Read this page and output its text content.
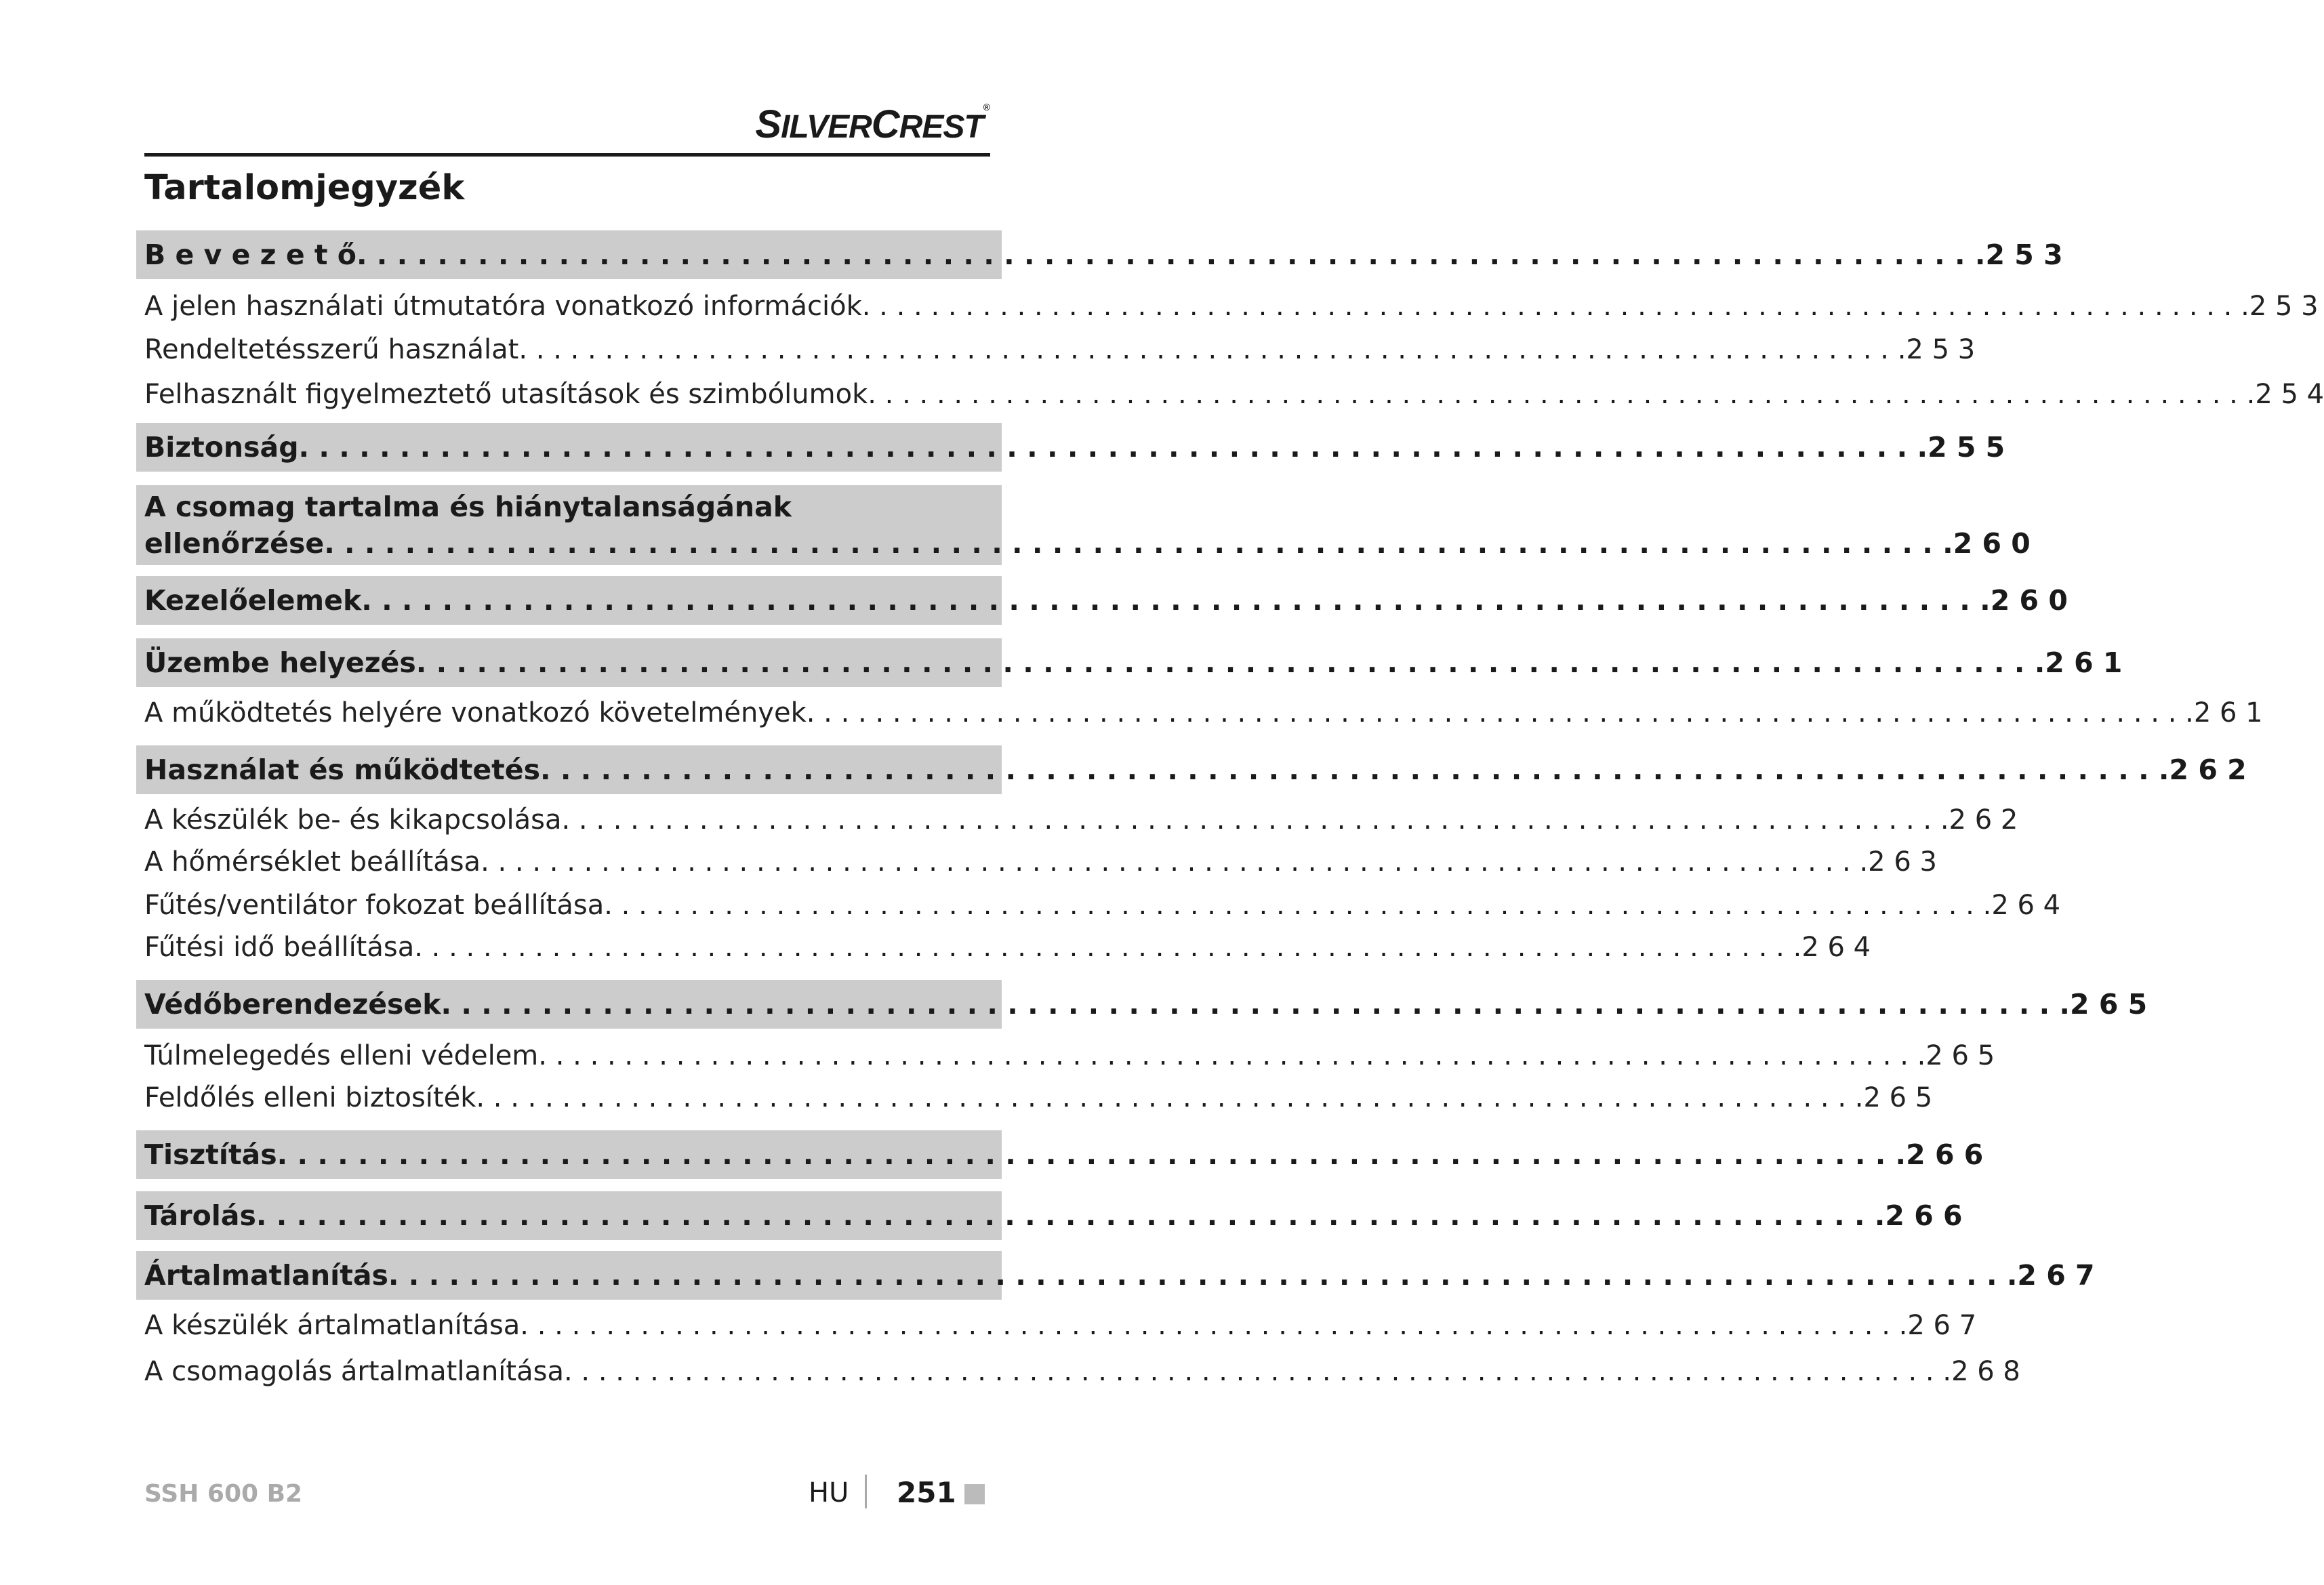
SILVERCREST®
Tartalomjegyzék
B e v e z e t ő . . . . . . . . . . . . . . . . . . . . . . . . . . . . . . . . . . . . . . . . . . . . . . . . . . . . . . . . . . . . . . . . . . . . . . . . . . . . . . . . . 2 5 3
A jelen használati útmutatóra vonatkozó információk . . . . . . . . . . . . . . . . . . . . . . . . . . . . . . . . . . . . . . . . . . . . . . . . . . . . . . . . . . . . . . . . . . . . . . . . . . . . . . . . . 2 5 3
Rendeltetésszerű használat . . . . . . . . . . . . . . . . . . . . . . . . . . . . . . . . . . . . . . . . . . . . . . . . . . . . . . . . . . . . . . . . . . . . . . . . . . . . . . . . . 2 5 3
Felhasznált figyelmeztető utasítások és szimbólumok . . . . . . . . . . . . . . . . . . . . . . . . . . . . . . . . . . . . . . . . . . . . . . . . . . . . . . . . . . . . . . . . . . . . . . . . . . . . . . . . . 2 5 4
Biztonság . . . . . . . . . . . . . . . . . . . . . . . . . . . . . . . . . . . . . . . . . . . . . . . . . . . . . . . . . . . . . . . . . . . . . . . . . . . . . . . . . 2 5 5
A csomag tartalma és hiánytalanságának
ellenőrzése . . . . . . . . . . . . . . . . . . . . . . . . . . . . . . . . . . . . . . . . . . . . . . . . . . . . . . . . . . . . . . . . . . . . . . . . . . . . . . . . . 2 6 0
Kezelőelemek . . . . . . . . . . . . . . . . . . . . . . . . . . . . . . . . . . . . . . . . . . . . . . . . . . . . . . . . . . . . . . . . . . . . . . . . . . . . . . . . . 2 6 0
Üzembe helyezés . . . . . . . . . . . . . . . . . . . . . . . . . . . . . . . . . . . . . . . . . . . . . . . . . . . . . . . . . . . . . . . . . . . . . . . . . . . . . . . . . 2 6 1
A működtetés helyére vonatkozó követelmények . . . . . . . . . . . . . . . . . . . . . . . . . . . . . . . . . . . . . . . . . . . . . . . . . . . . . . . . . . . . . . . . . . . . . . . . . . . . . . . . . 2 6 1
Használat és működtetés . . . . . . . . . . . . . . . . . . . . . . . . . . . . . . . . . . . . . . . . . . . . . . . . . . . . . . . . . . . . . . . . . . . . . . . . . . . . . . . . . 2 6 2
A készülék be- és kikapcsolása . . . . . . . . . . . . . . . . . . . . . . . . . . . . . . . . . . . . . . . . . . . . . . . . . . . . . . . . . . . . . . . . . . . . . . . . . . . . . . . . . 2 6 2
A hőmérséklet beállítása . . . . . . . . . . . . . . . . . . . . . . . . . . . . . . . . . . . . . . . . . . . . . . . . . . . . . . . . . . . . . . . . . . . . . . . . . . . . . . . . . 2 6 3
Fűtés/ventilátor fokozat beállítása . . . . . . . . . . . . . . . . . . . . . . . . . . . . . . . . . . . . . . . . . . . . . . . . . . . . . . . . . . . . . . . . . . . . . . . . . . . . . . . . . 2 6 4
Fűtési idő beállítása . . . . . . . . . . . . . . . . . . . . . . . . . . . . . . . . . . . . . . . . . . . . . . . . . . . . . . . . . . . . . . . . . . . . . . . . . . . . . . . . . 2 6 4
Védőberendezések . . . . . . . . . . . . . . . . . . . . . . . . . . . . . . . . . . . . . . . . . . . . . . . . . . . . . . . . . . . . . . . . . . . . . . . . . . . . . . . . . 2 6 5
Túlmelegedés elleni védelem . . . . . . . . . . . . . . . . . . . . . . . . . . . . . . . . . . . . . . . . . . . . . . . . . . . . . . . . . . . . . . . . . . . . . . . . . . . . . . . . . 2 6 5
Feldőlés elleni biztosíték . . . . . . . . . . . . . . . . . . . . . . . . . . . . . . . . . . . . . . . . . . . . . . . . . . . . . . . . . . . . . . . . . . . . . . . . . . . . . . . . . 2 6 5
Tisztítás . . . . . . . . . . . . . . . . . . . . . . . . . . . . . . . . . . . . . . . . . . . . . . . . . . . . . . . . . . . . . . . . . . . . . . . . . . . . . . . . . 2 6 6
Tárolás . . . . . . . . . . . . . . . . . . . . . . . . . . . . . . . . . . . . . . . . . . . . . . . . . . . . . . . . . . . . . . . . . . . . . . . . . . . . . . . . . 2 6 6
Ártalmatlanítás . . . . . . . . . . . . . . . . . . . . . . . . . . . . . . . . . . . . . . . . . . . . . . . . . . . . . . . . . . . . . . . . . . . . . . . . . . . . . . . . . 2 6 7
A készülék ártalmatlanítása . . . . . . . . . . . . . . . . . . . . . . . . . . . . . . . . . . . . . . . . . . . . . . . . . . . . . . . . . . . . . . . . . . . . . . . . . . . . . . . . . 2 6 7
A csomagolás ártalmatlanítása . . . . . . . . . . . . . . . . . . . . . . . . . . . . . . . . . . . . . . . . . . . . . . . . . . . . . . . . . . . . . . . . . . . . . . . . . . . . . . . . . 2 6 8
SSH 600 B2	HU 251
